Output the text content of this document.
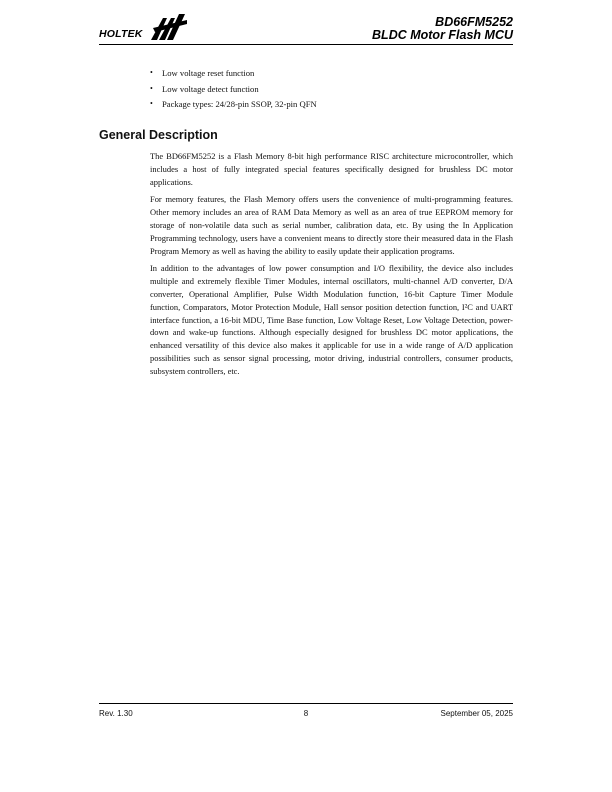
HOLTEK
BD66FM5252
BLDC Motor Flash MCU
• Low voltage reset function
• Low voltage detect function
• Package types: 24/28-pin SSOP, 32-pin QFN
General Description

The BD66FM5252 is a Flash Memory 8-bit high performance RISC architecture microcontroller, which includes a host of fully integrated special features specifically designed for brushless DC motor applications.

For memory features, the Flash Memory offers users the convenience of multi-programming features. Other memory includes an area of RAM Data Memory as well as an area of true EEPROM memory for storage of non-volatile data such as serial number, calibration data, etc. By using the In Application Programming technology, users have a convenient means to directly store their measured data in the Flash Program Memory as well as having the ability to easily update their application programs.

In addition to the advantages of low power consumption and I/O flexibility, the device also includes multiple and extremely flexible Timer Modules, internal oscillators, multi-channel A/D converter, D/A converter, Operational Amplifier, Pulse Width Modulation function, 16-bit Capture Timer Module function, Comparators, Motor Protection Module, Hall sensor position detection function, I²C and UART interface function, a 16-bit MDU, Time Base function, Low Voltage Reset, Low Voltage Detection, power-down and wake-up functions. Although especially designed for brushless DC motor applications, the enhanced versatility of this device also makes it applicable for use in a wide range of A/D application possibilities such as sensor signal processing, motor driving, industrial controllers, consumer products, subsystem controllers, etc.

Rev. 1.30	8	September 05, 2025
